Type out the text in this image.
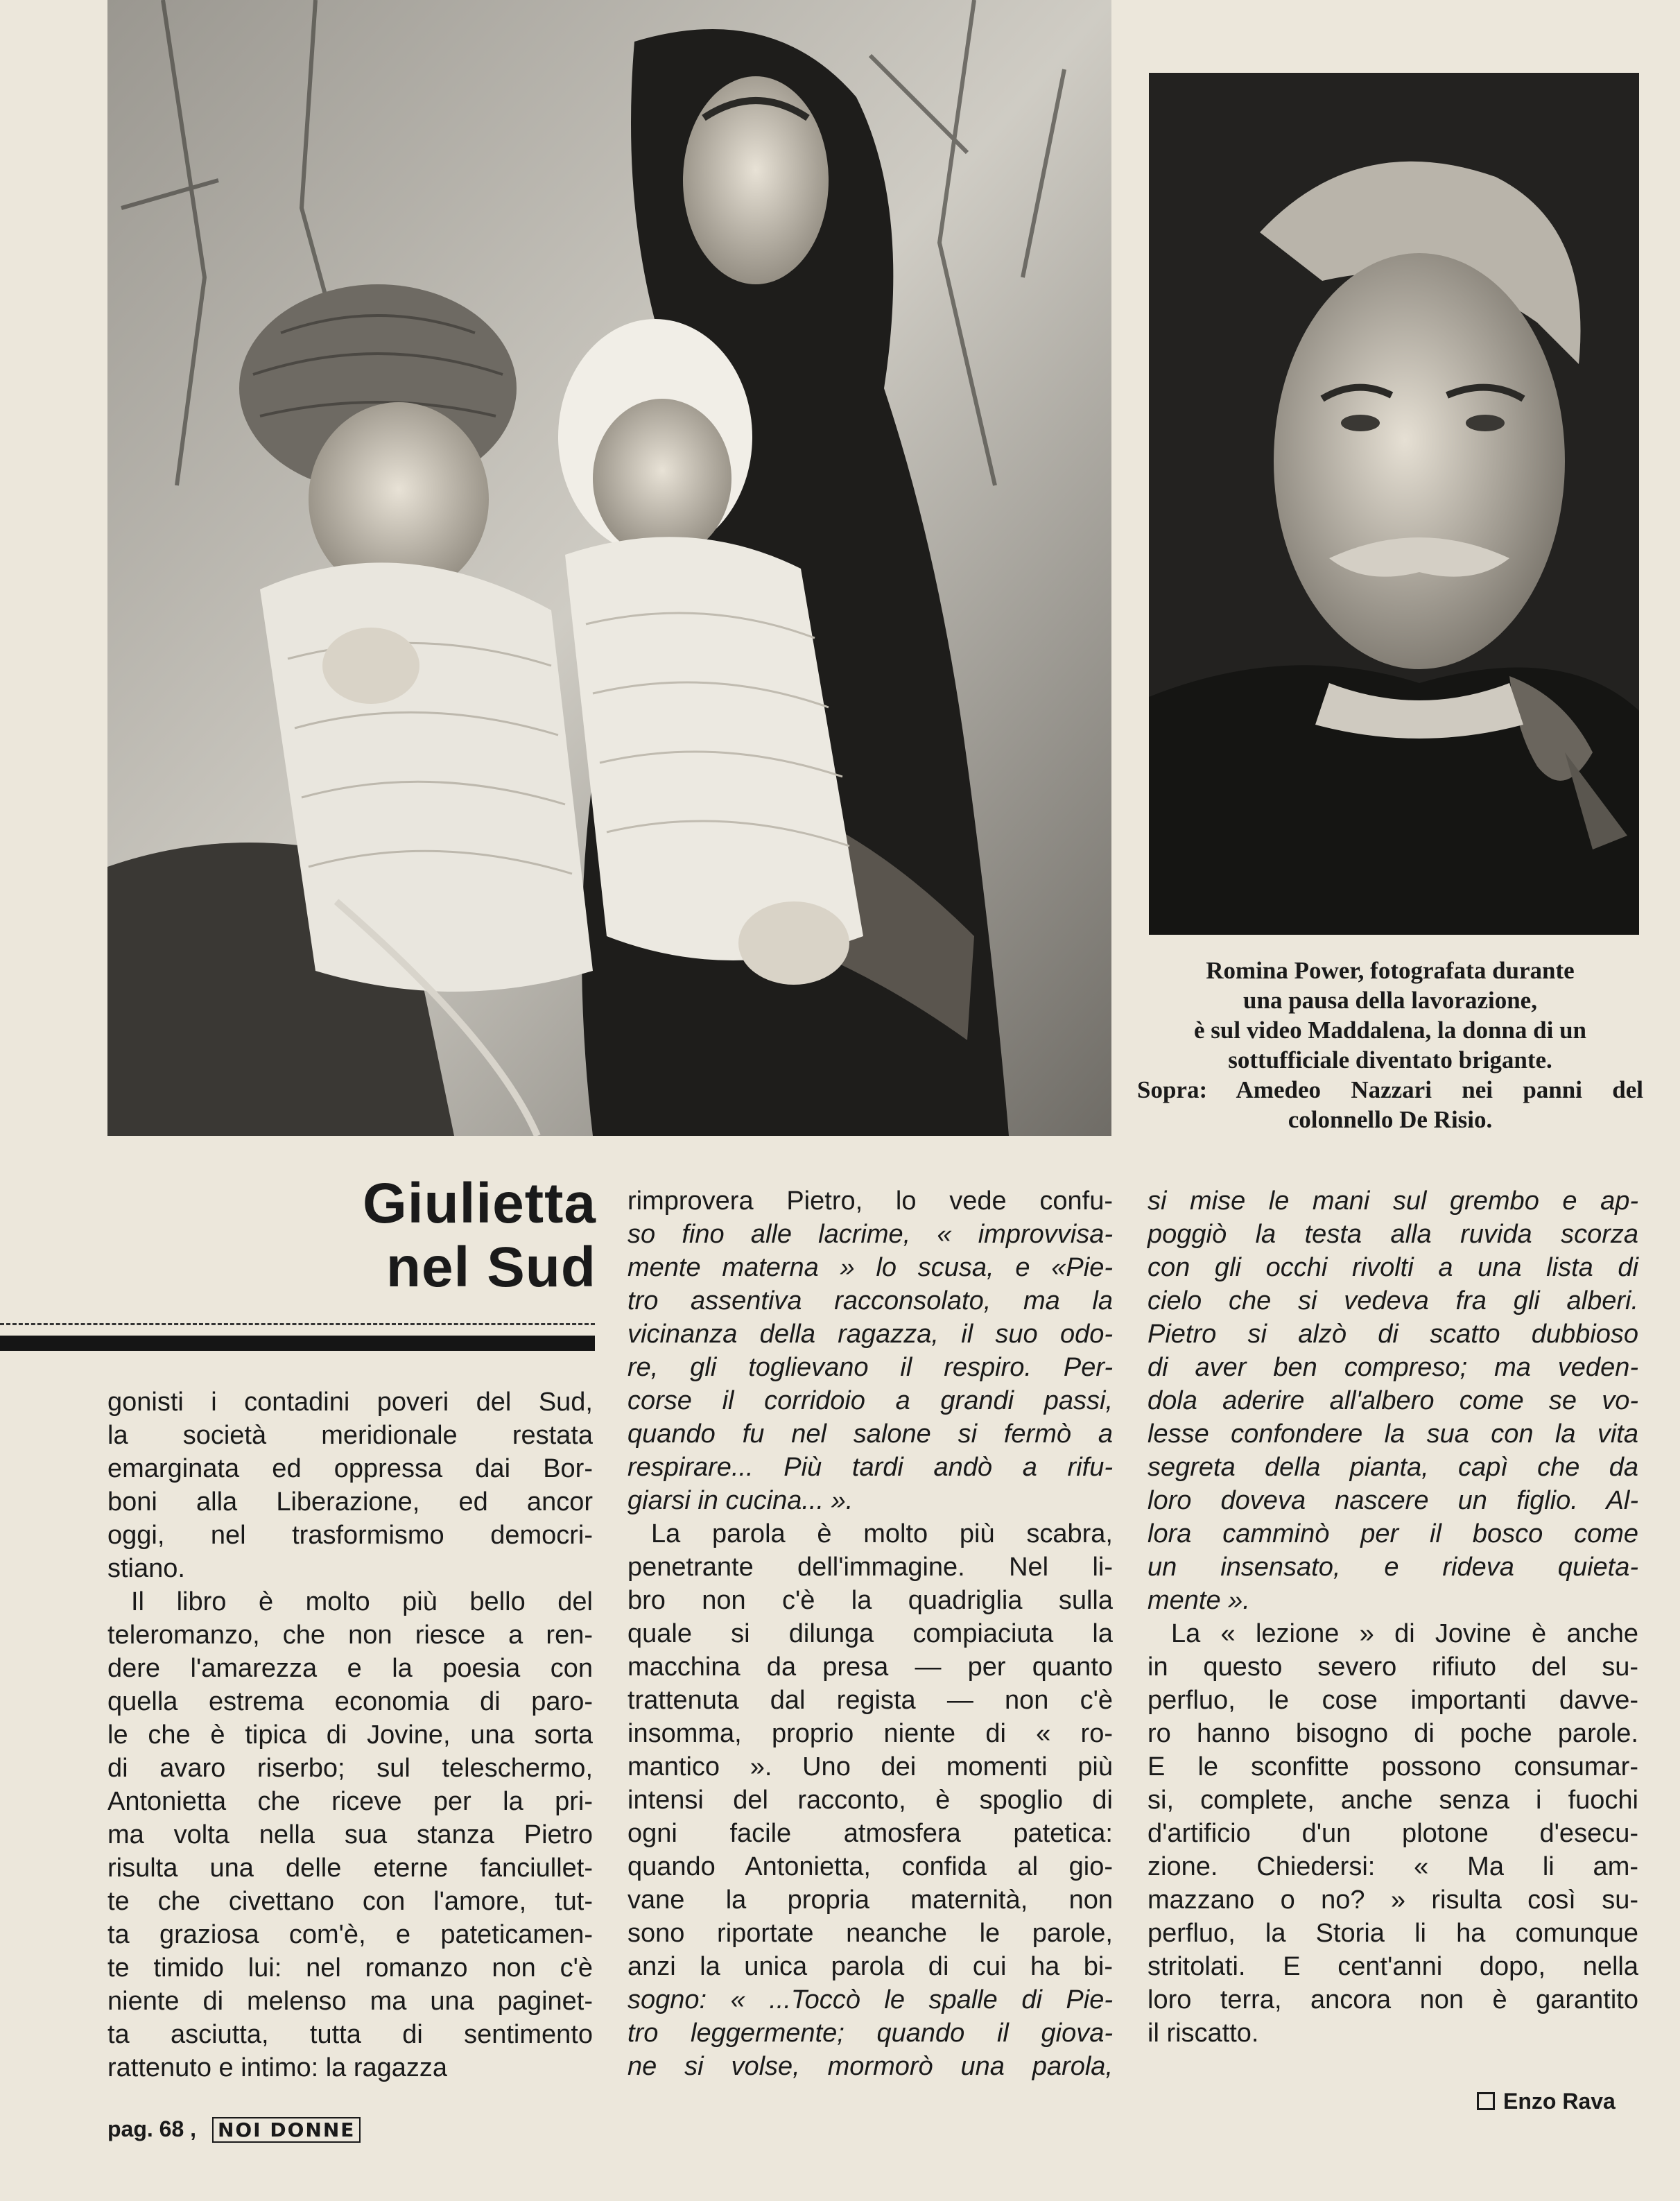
Romina Power, fotografata durante
una pausa della lavorazione,
è sul video Maddalena, la donna di un
sottufficiale diventato brigante.
Sopra: Amedeo Nazzari nei panni del
colonnello De Risio.
Giulietta
nel Sud
gonisti i contadini poveri del Sud,
la società meridionale restata
emarginata ed oppressa dai Bor-
boni alla Liberazione, ed ancor
oggi, nel trasformismo democri-
stiano.
Il libro è molto più bello del
teleromanzo, che non riesce a ren-
dere l'amarezza e la poesia con
quella estrema economia di paro-
le che è tipica di Jovine, una sorta
di avaro riserbo; sul teleschermo,
Antonietta che riceve per la pri-
ma volta nella sua stanza Pietro
risulta una delle eterne fanciullet-
te che civettano con l'amore, tut-
ta graziosa com'è, e pateticamen-
te timido lui: nel romanzo non c'è
niente di melenso ma una paginet-
ta asciutta, tutta di sentimento
rattenuto e intimo: la ragazza
rimprovera Pietro, lo vede confu-
so fino alle lacrime, « improvvisa-
mente materna » lo scusa, e «Pie-
tro assentiva racconsolato, ma la
vicinanza della ragazza, il suo odo-
re, gli toglievano il respiro. Per-
corse il corridoio a grandi passi,
quando fu nel salone si fermò a
respirare... Più tardi andò a rifu-
giarsi in cucina... ».
La parola è molto più scabra,
penetrante dell'immagine. Nel li-
bro non c'è la quadriglia sulla
quale si dilunga compiaciuta la
macchina da presa — per quanto
trattenuta dal regista — non c'è
insomma, proprio niente di « ro-
mantico ». Uno dei momenti più
intensi del racconto, è spoglio di
ogni facile atmosfera patetica:
quando Antonietta, confida al gio-
vane la propria maternità, non
sono riportate neanche le parole,
anzi la unica parola di cui ha bi-
sogno: « ...Toccò le spalle di Pie-
tro leggermente; quando il giova-
ne si volse, mormorò una parola,
si mise le mani sul grembo e ap-
poggiò la testa alla ruvida scorza
con gli occhi rivolti a una lista di
cielo che si vedeva fra gli alberi.
Pietro si alzò di scatto dubbioso
di aver ben compreso; ma veden-
dola aderire all'albero come se vo-
lesse confondere la sua con la vita
segreta della pianta, capì che da
loro doveva nascere un figlio. Al-
lora camminò per il bosco come
un insensato, e rideva quieta-
mente ».
La « lezione » di Jovine è anche
in questo severo rifiuto del su-
perfluo, le cose importanti davve-
ro hanno bisogno di poche parole.
E le sconfitte possono consumar-
si, complete, anche senza i fuochi
d'artificio d'un plotone d'esecu-
zione. Chiedersi: « Ma li am-
mazzano o no? » risulta così su-
perfluo, la Storia li ha comunque
stritolati. E cent'anni dopo, nella
loro terra, ancora non è garantito
il riscatto.
Enzo Rava
pag. 68 , NOI DONNE
